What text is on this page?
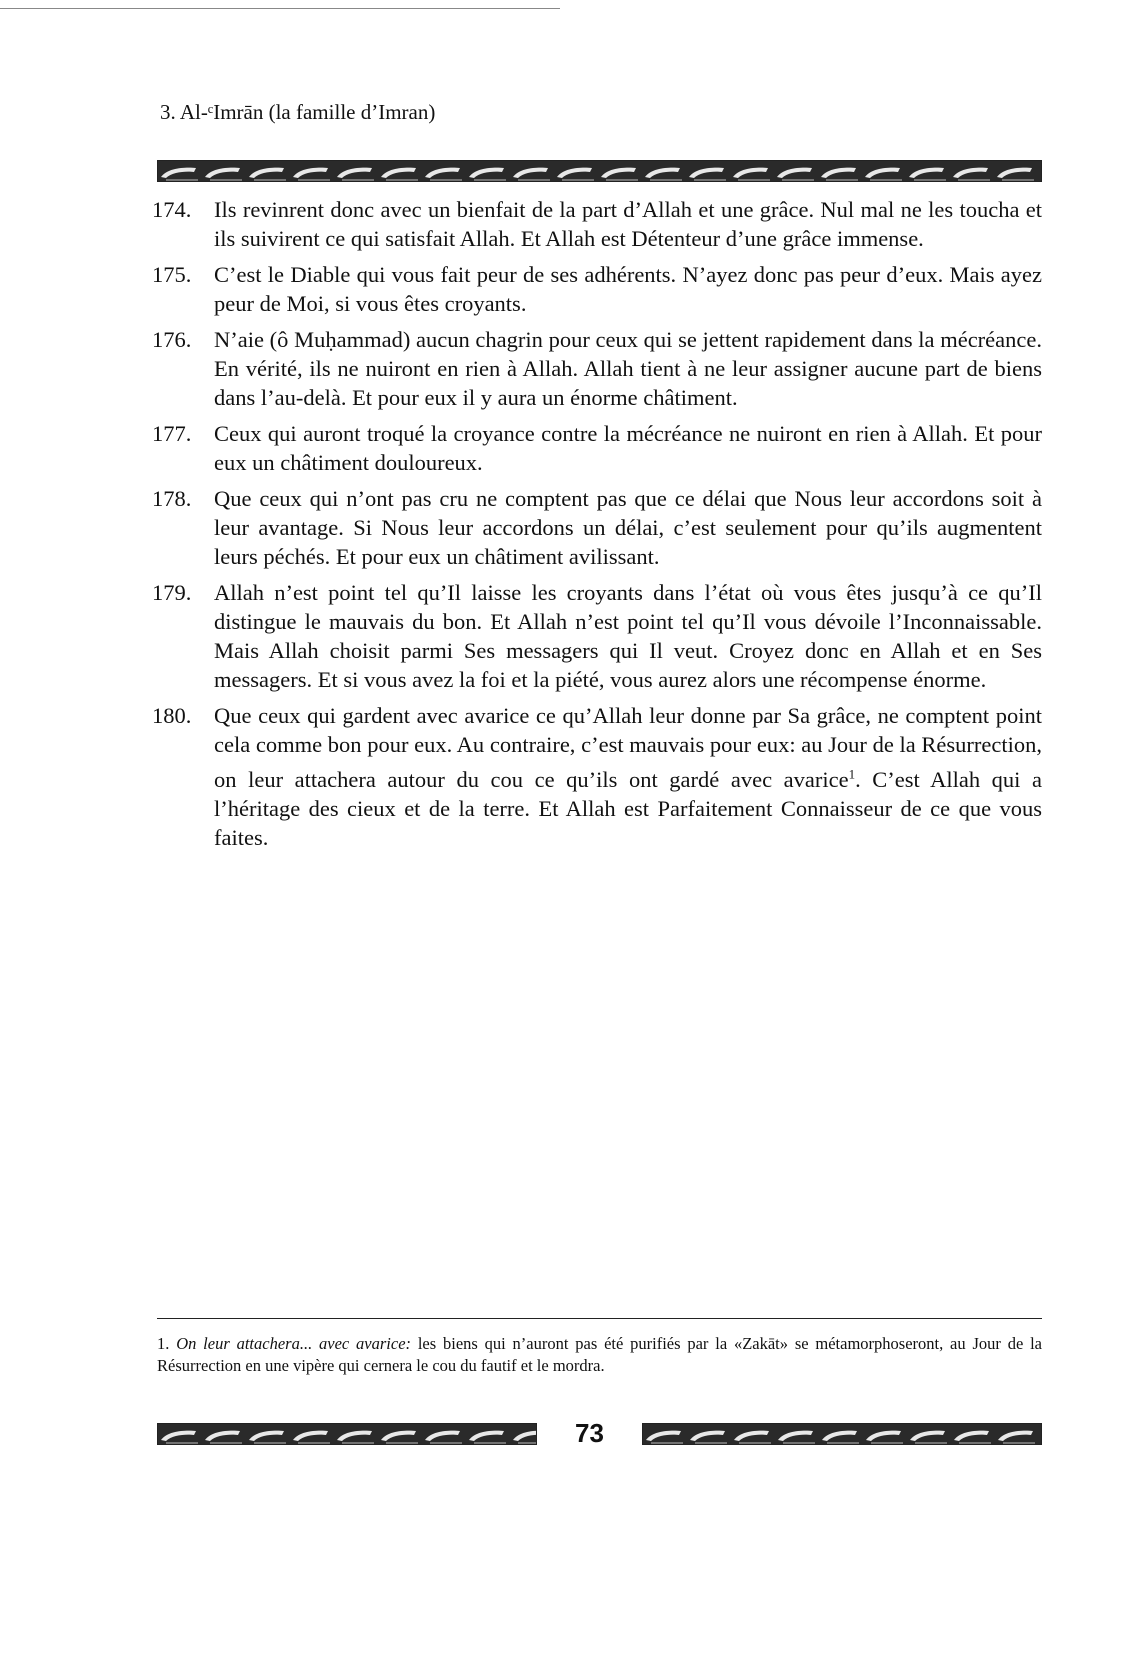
3. Al-ᶜImrān (la famille d’Imran)
174. Ils revinrent donc avec un bienfait de la part d’Allah et une grâce. Nul mal ne les toucha et ils suivirent ce qui satisfait Allah. Et Allah est Détenteur d’une grâce immense.
175. C’est le Diable qui vous fait peur de ses adhérents. N’ayez donc pas peur d’eux. Mais ayez peur de Moi, si vous êtes croyants.
176. N’aie (ô Muḥammad) aucun chagrin pour ceux qui se jettent rapidement dans la mécréance. En vérité, ils ne nuiront en rien à Allah. Allah tient à ne leur assigner aucune part de biens dans l’au-delà. Et pour eux il y aura un énorme châtiment.
177. Ceux qui auront troqué la croyance contre la mécréance ne nuiront en rien à Allah. Et pour eux un châtiment douloureux.
178. Que ceux qui n’ont pas cru ne comptent pas que ce délai que Nous leur accordons soit à leur avantage. Si Nous leur accordons un délai, c’est seulement pour qu’ils augmentent leurs péchés. Et pour eux un châtiment avilissant.
179. Allah n’est point tel qu’Il laisse les croyants dans l’état où vous êtes jusqu’à ce qu’Il distingue le mauvais du bon. Et Allah n’est point tel qu’Il vous dévoile l’Inconnaissable. Mais Allah choisit parmi Ses messagers qui Il veut. Croyez donc en Allah et en Ses messagers. Et si vous avez la foi et la piété, vous aurez alors une récompense énorme.
180. Que ceux qui gardent avec avarice ce qu’Allah leur donne par Sa grâce, ne comptent point cela comme bon pour eux. Au contraire, c’est mauvais pour eux: au Jour de la Résurrection, on leur attachera autour du cou ce qu’ils ont gardé avec avarice$^1$. C’est Allah qui a l’héritage des cieux et de la terre. Et Allah est Parfaitement Connaisseur de ce que vous faites.
1. On leur attachera... avec avarice: les biens qui n’auront pas été purifiés par la «Zakāt» se métamorphoseront, au Jour de la Résurrection en une vipère qui cernera le cou du fautif et le mordra.
73
